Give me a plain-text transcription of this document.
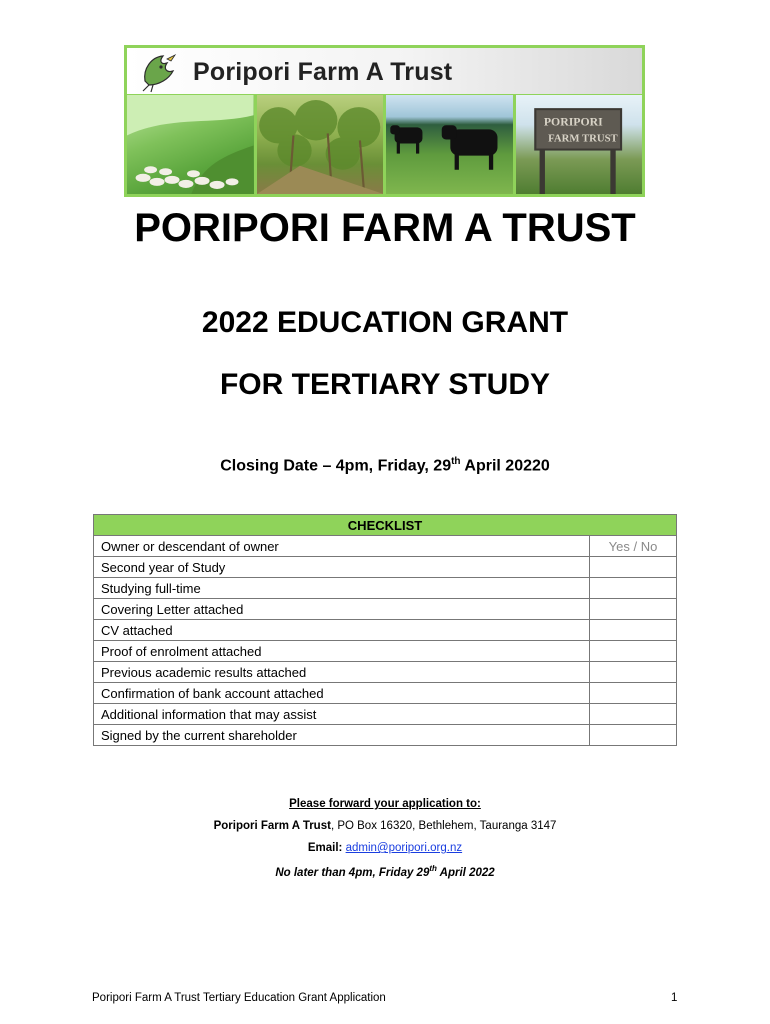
Poripori Farm A Trust
PORIPORI
FARM TRUST
PORIPORI FARM A TRUST
2022 EDUCATION GRANT
FOR TERTIARY STUDY
Closing Date – 4pm, Friday, 29th April 20220
CHECKLIST	
Owner or descendant of owner	Yes / No
Second year of Study	
Studying full-time	
Covering Letter attached	
CV attached	
Proof of enrolment attached	
Previous academic results attached	
Confirmation of bank account attached	
Additional information that may assist	
Signed by the current shareholder	
Please forward your application to:
Poripori Farm A Trust, PO Box 16320, Bethlehem, Tauranga 3147
Email: admin@poripori.org.nz
No later than 4pm, Friday 29th April 2022
Poripori Farm A Trust Tertiary Education Grant Application	1
